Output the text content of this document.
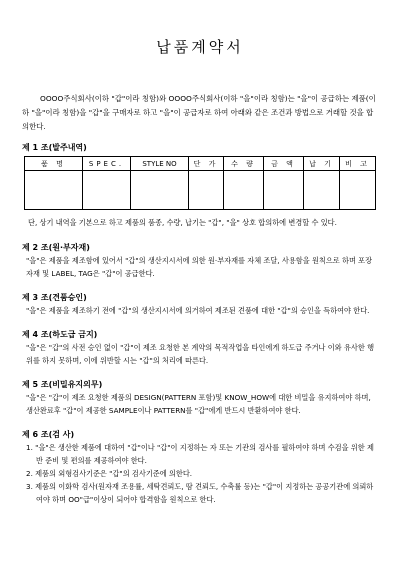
납품계약서

OOOO주식회사(이하 "갑"이라 칭함)와 OOOO주식회사(이하 "을"이라 칭함)는 "을"이 공급하는 제품(이하 "을"이라 칭함)을 "갑"을 구매자로 하고 "을"이 공급자로 하여 아래와 같은 조건과 방법으로 거래할 것을 합의한다.

제 1 조(발주내역)

품 명	SPEC.	STYLE NO	단 가	수 량	금 액	납 기	비 고

단, 상기 내역을 기본으로 하고 제품의 품종, 수량, 납기는 "갑", "을" 상호 합의하에 변경할 수 있다.

제 2 조(원·부자재)

"을"은 제품을 제조함에 있어서 "갑"의 생산지시서에 의한 원·부자재를 자체 조달, 사용함을 원칙으로 하며 포장자재 및 LABEL, TAG은 "갑"이 공급한다.

제 3 조(견품승인)

"을"은 제품을 제조하기 전에 "갑"의 생산지시서에 의거하여 제조된 견품에 대한 "갑"의 승인을 득하여야 한다.

제 4 조(하도급 금지)

"을"은 "갑"의 사전 승인 없이 "갑"이 제조 요청한 본 계약의 목적작업을 타인에게 하도급 주거나 이와 유사한 행위를 하지 못하며, 이에 위반할 시는 "갑"의 처리에 따른다.

제 5 조(비밀유지의무)

"을"은 "갑"이 제조 요청한 제품의 DESIGN(PATTERN 포함)및 KNOW_HOW에 대한 비밀을 유지하여야 하며, 생산완료후 "갑"이 제공한 SAMPLE이나 PATTERN를 "갑"에게 반드시 반환하여야 한다.

제 6 조(검 사)

1. "을"은 생산한 제품에 대하여 "갑"이나 "갑"이 지정하는 자 또는 기관의 검사를 필하여야 하며 수검을 위한 제반 준비 및 편의를 제공하여야 한다.
2. 제품의 외형검사기준은 "갑"의 검사기준에 의한다.
3. 제품의 이화학 검사(원자재 조용률, 세탁견뢰도, 땀 견뢰도, 수축률 등)는 "갑"이 지정하는 공공기관에 의뢰하여야 하며 OO"급"이상이 되어야 합격함을 원칙으로 한다.
